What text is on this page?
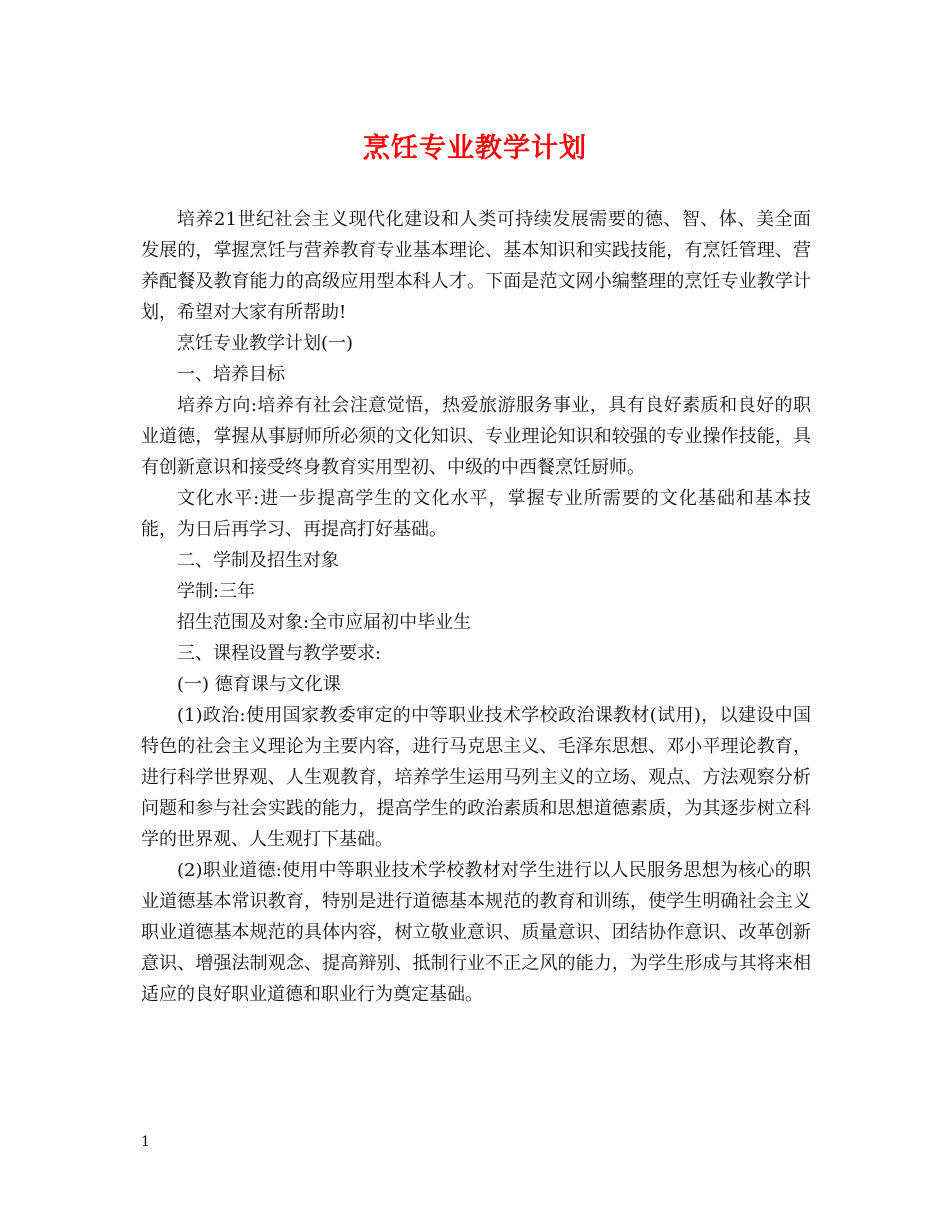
烹饪专业教学计划

培养21世纪社会主义现代化建设和人类可持续发展需要的德、智、体、美全面发展的，掌握烹饪与营养教育专业基本理论、基本知识和实践技能，有烹饪管理、营养配餐及教育能力的高级应用型本科人才。下面是范文网小编整理的烹饪专业教学计划，希望对大家有所帮助!

烹饪专业教学计划(一)

一、培养目标

培养方向:培养有社会注意觉悟，热爱旅游服务事业，具有良好素质和良好的职业道德，掌握从事厨师所必须的文化知识、专业理论知识和较强的专业操作技能，具有创新意识和接受终身教育实用型初、中级的中西餐烹饪厨师。

文化水平:进一步提高学生的文化水平，掌握专业所需要的文化基础和基本技能，为日后再学习、再提高打好基础。

二、学制及招生对象

学制:三年

招生范围及对象:全市应届初中毕业生

三、课程设置与教学要求:

(一) 德育课与文化课

(1)政治:使用国家教委审定的中等职业技术学校政治课教材(试用)，以建设中国特色的社会主义理论为主要内容，进行马克思主义、毛泽东思想、邓小平理论教育，进行科学世界观、人生观教育，培养学生运用马列主义的立场、观点、方法观察分析问题和参与社会实践的能力，提高学生的政治素质和思想道德素质，为其逐步树立科学的世界观、人生观打下基础。

(2)职业道德:使用中等职业技术学校教材对学生进行以人民服务思想为核心的职业道德基本常识教育，特别是进行道德基本规范的教育和训练，使学生明确社会主义职业道德基本规范的具体内容，树立敬业意识、质量意识、团结协作意识、改革创新意识、增强法制观念、提高辩别、抵制行业不正之风的能力，为学生形成与其将来相适应的良好职业道德和职业行为奠定基础。

1
